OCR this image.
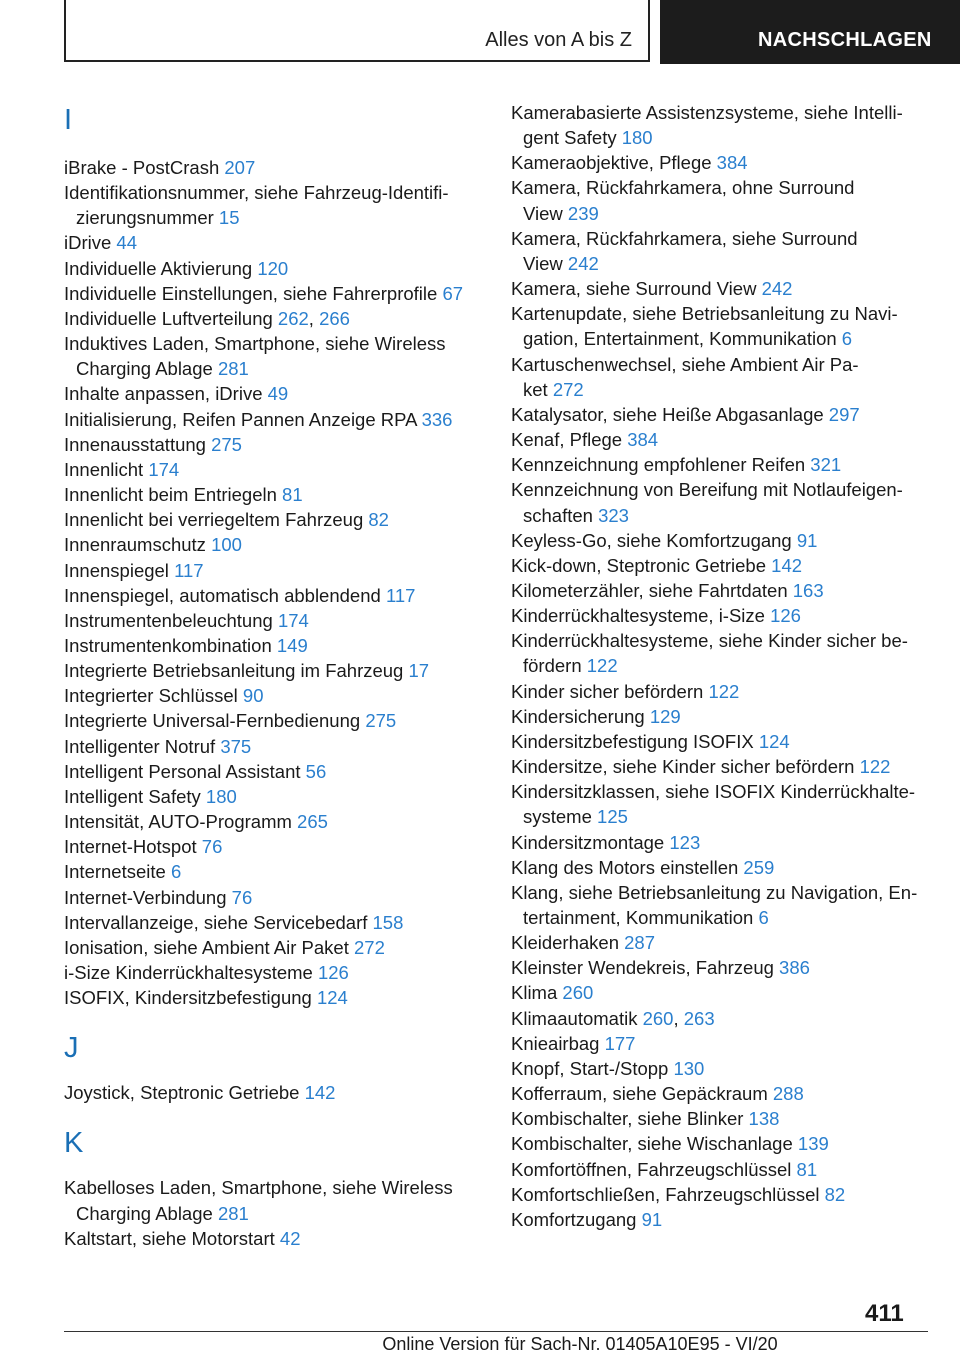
Alles von A bis Z	NACHSCHLAGEN
I
iBrake - PostCrash 207
Identifikationsnummer, siehe Fahrzeug-Identifi-
zierungsnummer 15
iDrive 44
Individuelle Aktivierung 120
Individuelle Einstellungen, siehe Fahrerprofile 67
Individuelle Luftverteilung 262, 266
Induktives Laden, Smartphone, siehe Wireless
Charging Ablage 281
Inhalte anpassen, iDrive 49
Initialisierung, Reifen Pannen Anzeige RPA 336
Innenausstattung 275
Innenlicht 174
Innenlicht beim Entriegeln 81
Innenlicht bei verriegeltem Fahrzeug 82
Innenraumschutz 100
Innenspiegel 117
Innenspiegel, automatisch abblendend 117
Instrumentenbeleuchtung 174
Instrumentenkombination 149
Integrierte Betriebsanleitung im Fahrzeug 17
Integrierter Schlüssel 90
Integrierte Universal-Fernbedienung 275
Intelligenter Notruf 375
Intelligent Personal Assistant 56
Intelligent Safety 180
Intensität, AUTO-Programm 265
Internet-Hotspot 76
Internetseite 6
Internet-Verbindung 76
Intervallanzeige, siehe Servicebedarf 158
Ionisation, siehe Ambient Air Paket 272
i-Size Kinderrückhaltesysteme 126
ISOFIX, Kindersitzbefestigung 124
J
Joystick, Steptronic Getriebe 142
K
Kabelloses Laden, Smartphone, siehe Wireless
Charging Ablage 281
Kaltstart, siehe Motorstart 42
Kamerabasierte Assistenzsysteme, siehe Intelli-
gent Safety 180
Kameraobjektive, Pflege 384
Kamera, Rückfahrkamera, ohne Surround
View 239
Kamera, Rückfahrkamera, siehe Surround
View 242
Kamera, siehe Surround View 242
Kartenupdate, siehe Betriebsanleitung zu Navi-
gation, Entertainment, Kommunikation 6
Kartuschenwechsel, siehe Ambient Air Pa-
ket 272
Katalysator, siehe Heiße Abgasanlage 297
Kenaf, Pflege 384
Kennzeichnung empfohlener Reifen 321
Kennzeichnung von Bereifung mit Notlaufeigen-
schaften 323
Keyless-Go, siehe Komfortzugang 91
Kick-down, Steptronic Getriebe 142
Kilometerzähler, siehe Fahrtdaten 163
Kinderrückhaltesysteme, i-Size 126
Kinderrückhaltesysteme, siehe Kinder sicher be-
fördern 122
Kinder sicher befördern 122
Kindersicherung 129
Kindersitzbefestigung ISOFIX 124
Kindersitze, siehe Kinder sicher befördern 122
Kindersitzklassen, siehe ISOFIX Kinderrückhalte-
systeme 125
Kindersitzmontage 123
Klang des Motors einstellen 259
Klang, siehe Betriebsanleitung zu Navigation, En-
tertainment, Kommunikation 6
Kleiderhaken 287
Kleinster Wendekreis, Fahrzeug 386
Klima 260
Klimaautomatik 260, 263
Knieairbag 177
Knopf, Start-/Stopp 130
Kofferraum, siehe Gepäckraum 288
Kombischalter, siehe Blinker 138
Kombischalter, siehe Wischanlage 139
Komfortöffnen, Fahrzeugschlüssel 81
Komfortschließen, Fahrzeugschlüssel 82
Komfortzugang 91
411
Online Version für Sach-Nr. 01405A10E95 - VI/20
